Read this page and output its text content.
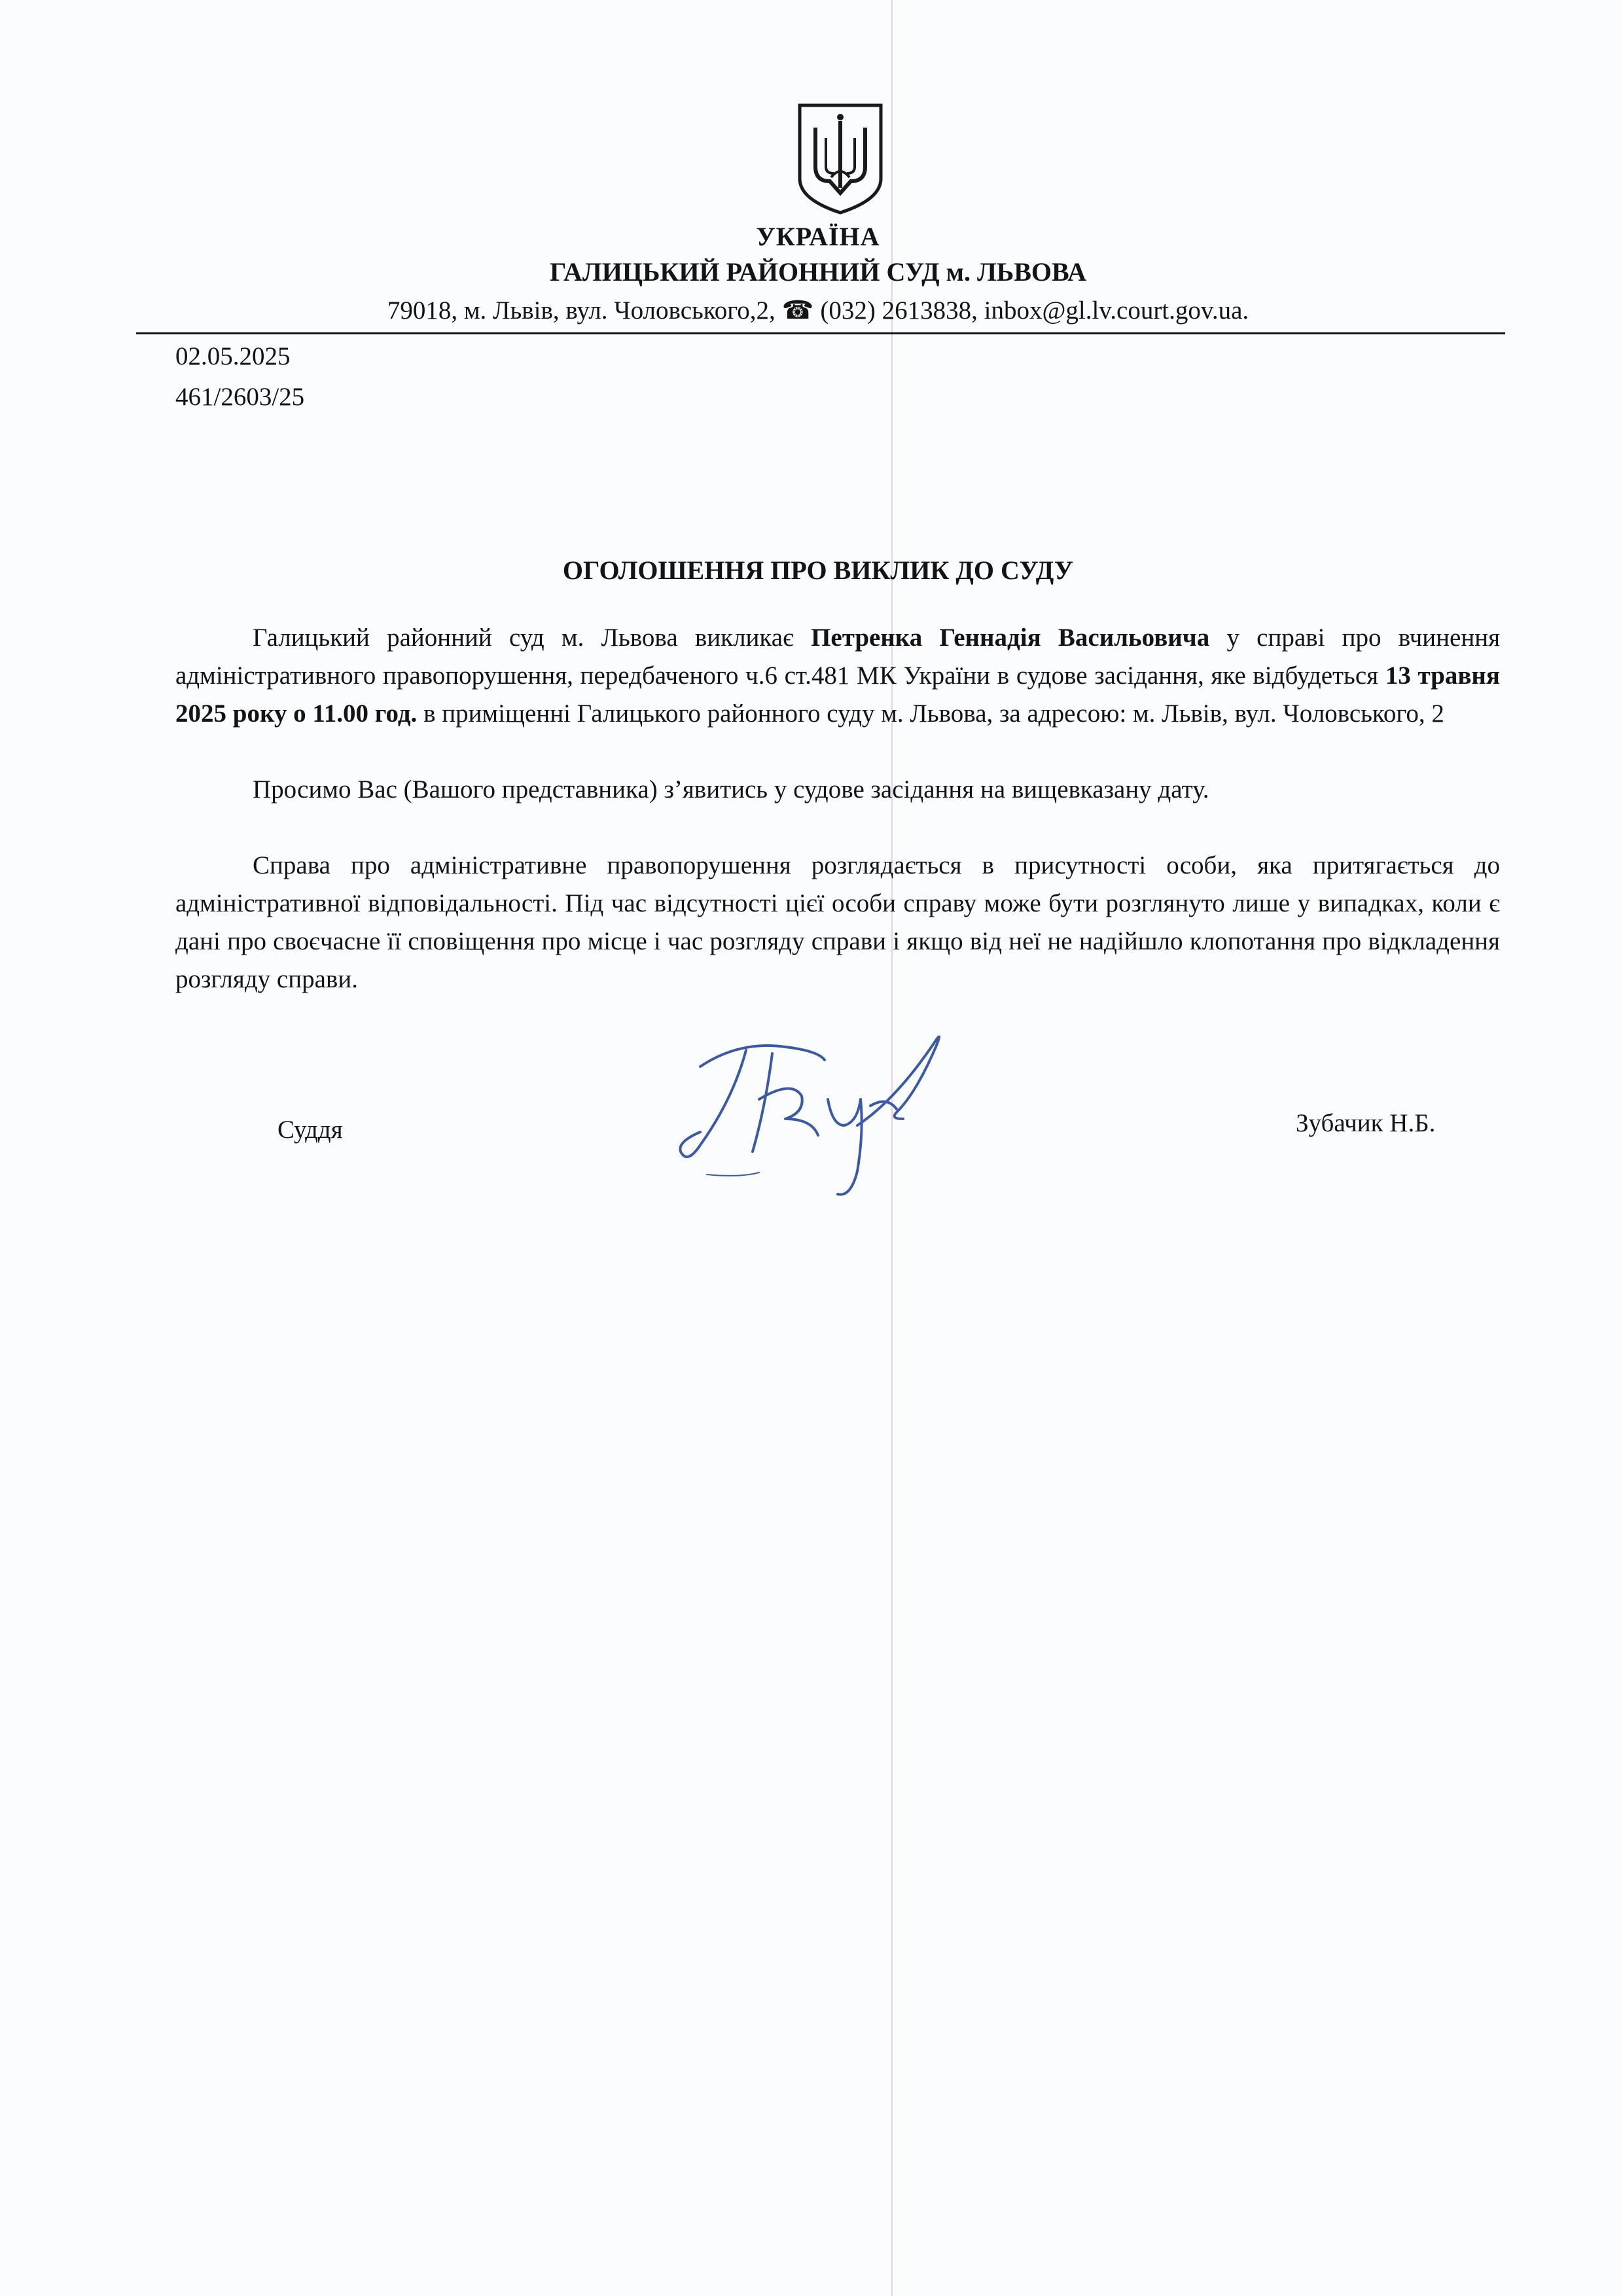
УКРАЇНА
ГАЛИЦЬКИЙ РАЙОННИЙ СУД м. ЛЬВОВА
79018, м. Львів, вул. Чоловського,2, ☎ (032) 2613838, inbox@gl.lv.court.gov.ua.
02.05.2025
461/2603/25
ОГОЛОШЕННЯ ПРО ВИКЛИК ДО СУДУ
Галицький районний суд м. Львова викликає Петренка Геннадія Васильовича у справі про вчинення адміністративного правопорушення, передбаченого ч.6 ст.481 МК України в судове засідання, яке відбудеться 13 травня 2025 року о 11.00 год. в приміщенні Галицького районного суду м. Львова, за адресою: м. Львів, вул. Чоловського, 2
Просимо Вас (Вашого представника) з’явитись у судове засідання на вищевказану дату.
Справа про адміністративне правопорушення розглядається в присутності особи, яка притягається до адміністративної відповідальності. Під час відсутності цієї особи справу може бути розглянуто лише у випадках, коли є дані про своєчасне її сповіщення про місце і час розгляду справи і якщо від неї не надійшло клопотання про відкладення розгляду справи.
Суддя	Зубачик Н.Б.
